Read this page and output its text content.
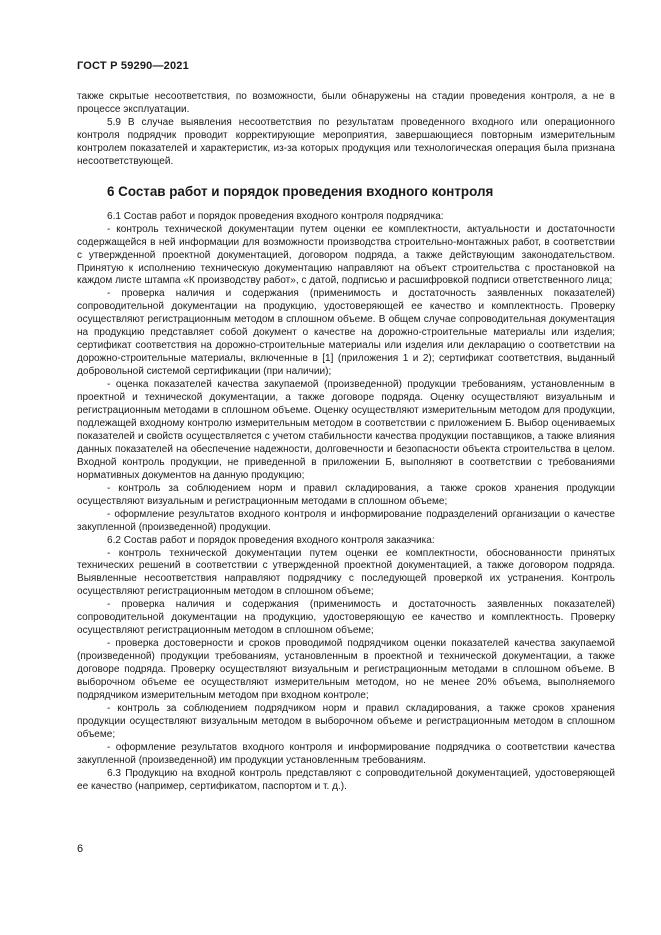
ГОСТ Р 59290—2021

также скрытые несоответствия, по возможности, были обнаружены на стадии проведения контроля, а не в процессе эксплуатации.

5.9 В случае выявления несоответствия по результатам проведенного входного или операционного контроля подрядчик проводит корректирующие мероприятия, завершающиеся повторным измерительным контролем показателей и характеристик, из-за которых продукция или технологическая операция была признана несоответствующей.

6 Состав работ и порядок проведения входного контроля

6.1 Состав работ и порядок проведения входного контроля подрядчика:

- контроль технической документации путем оценки ее комплектности, актуальности и достаточности содержащейся в ней информации для возможности производства строительно-монтажных работ, в соответствии с утвержденной проектной документацией, договором подряда, а также действующим законодательством. Принятую к исполнению техническую документацию направляют на объект строительства с простановкой на каждом листе штампа «К производству работ», с датой, подписью и расшифровкой подписи ответственного лица;

- проверка наличия и содержания (применимость и достаточность заявленных показателей) сопроводительной документации на продукцию, удостоверяющей ее качество и комплектность. Проверку осуществляют регистрационным методом в сплошном объеме. В общем случае сопроводительная документация на продукцию представляет собой документ о качестве на дорожно-строительные материалы или изделия; сертификат соответствия на дорожно-строительные материалы или изделия или декларацию о соответствии на дорожно-строительные материалы, включенные в [1] (приложения 1 и 2); сертификат соответствия, выданный добровольной системой сертификации (при наличии);

- оценка показателей качества закупаемой (произведенной) продукции требованиям, установленным в проектной и технической документации, а также договоре подряда. Оценку осуществляют визуальным и регистрационным методами в сплошном объеме. Оценку осуществляют измерительным методом для продукции, подлежащей входному контролю измерительным методом в соответствии с приложением Б. Выбор оцениваемых показателей и свойств осуществляется с учетом стабильности качества продукции поставщиков, а также влияния данных показателей на обеспечение надежности, долговечности и безопасности объекта строительства в целом. Входной контроль продукции, не приведенной в приложении Б, выполняют в соответствии с требованиями нормативных документов на данную продукцию;

- контроль за соблюдением норм и правил складирования, а также сроков хранения продукции осуществляют визуальным и регистрационным методами в сплошном объеме;

- оформление результатов входного контроля и информирование подразделений организации о качестве закупленной (произведенной) продукции.

6.2 Состав работ и порядок проведения входного контроля заказчика:

- контроль технической документации путем оценки ее комплектности, обоснованности принятых технических решений в соответствии с утвержденной проектной документацией, а также договором подряда. Выявленные несоответствия направляют подрядчику с последующей проверкой их устранения. Контроль осуществляют регистрационным методом в сплошном объеме;

- проверка наличия и содержания (применимость и достаточность заявленных показателей) сопроводительной документации на продукцию, удостоверяющую ее качество и комплектность. Проверку осуществляют регистрационным методом в сплошном объеме;

- проверка достоверности и сроков проводимой подрядчиком оценки показателей качества закупаемой (произведенной) продукции требованиям, установленным в проектной и технической документации, а также договоре подряда. Проверку осуществляют визуальным и регистрационным методами в сплошном объеме. В выборочном объеме ее осуществляют измерительным методом, но не менее 20% объема, выполняемого подрядчиком измерительным методом при входном контроле;

- контроль за соблюдением подрядчиком норм и правил складирования, а также сроков хранения продукции осуществляют визуальным методом в выборочном объеме и регистрационным методом в сплошном объеме;

- оформление результатов входного контроля и информирование подрядчика о соответствии качества закупленной (произведенной) им продукции установленным требованиям.

6.3 Продукцию на входной контроль представляют с сопроводительной документацией, удостоверяющей ее качество (например, сертификатом, паспортом и т. д.).

6
